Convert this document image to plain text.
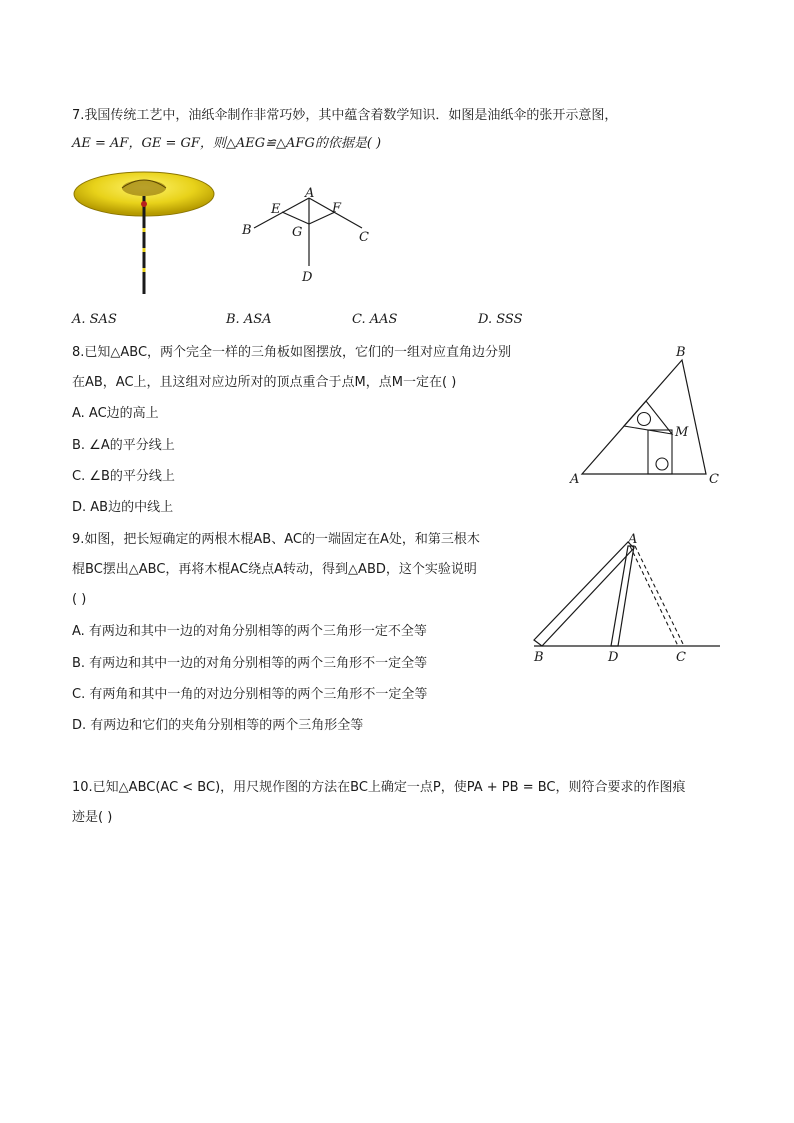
7.我国传统工艺中，油纸伞制作非常巧妙，其中蕴含着数学知识．如图是油纸伞的张开示意图，
AE = AF，GE = GF，则△AEG≌△AFG的依据是( )
A
E	F
B	G	C
D
A. SAS	B. ASA	C. AAS	D. SSS
8.已知△ABC，两个完全一样的三角板如图摆放，它们的一组对应直角边分别
在AB，AC上，且这组对应边所对的顶点重合于点M，点M一定在( )
A. AC边的高上
B. ∠A的平分线上
C. ∠B的平分线上
D. AB边的中线上
B
M
A	C
9.如图，把长短确定的两根木棍AB、AC的一端固定在A处，和第三根木
棍BC摆出△ABC，再将木棍AC绕点A转动，得到△ABD，这个实验说明
( )
A. 有两边和其中一边的对角分别相等的两个三角形一定不全等
B. 有两边和其中一边的对角分别相等的两个三角形不一定全等
C. 有两角和其中一角的对边分别相等的两个三角形不一定全等
D. 有两边和它们的夹角分别相等的两个三角形全等
A
B	D	C
10.已知△ABC(AC < BC)，用尺规作图的方法在BC上确定一点P，使PA + PB = BC，则符合要求的作图痕
迹是( )
